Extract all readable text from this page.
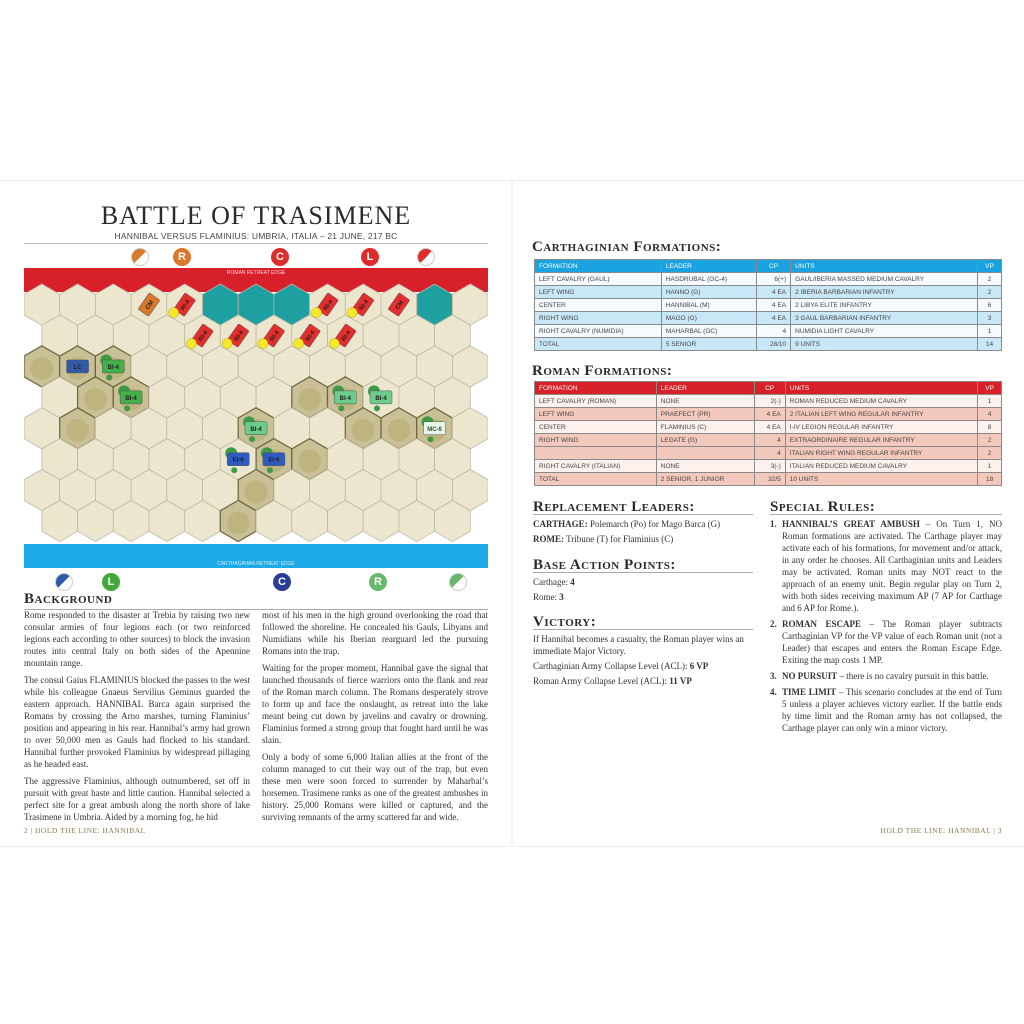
BATTLE OF TRASIMENE
HANNIBAL VERSUS FLAMINIUS: UMBRIA, ITALIA – 21 JUNE, 217 BC
R	C	L
ROMAN RETREAT EDGE
CARTHAGINIAN RETREAT EDGE
CM	RI-4
RI-4	RI-4	RI-4	RI-4	RI-4
RI-4	RI-4	CM
LC	BI-4
BI-4	BI-4	BI-4
BI-4	MC-6
EI-6	EI-6
L	C	R
Background

Rome responded to the disaster at Trebia by raising two new consular armies of four legions each (or two reinforced legions each according to other sources) to block the invasion routes into central Italy on both sides of the Apennine mountain range.

The consul Gaius FLAMINIUS blocked the passes to the west while his colleague Gnaeus Servilius Geminus guarded the eastern approach. HANNIBAL Barca again surprised the Romans by crossing the Arno marshes, turning Flaminius’ position and appearing in his rear. Hannibal’s army had grown to over 50,000 men as Gauls had flocked to his standard. Hannibal further provoked Flaminius by widespread pillaging as he headed east.

The aggressive Flaminius, although outnumbered, set off in pursuit with great haste and little caution. Hannibal selected a perfect site for a great ambush along the north shore of lake Trasimene in Umbria. Aided by a morning fog, he hid

most of his men in the high ground overlooking the road that followed the shoreline. He concealed his Gauls, Libyans and Numidians while his Iberian rearguard led the pursuing Romans into the trap.

Waiting for the proper moment, Hannibal gave the signal that launched thousands of fierce warriors onto the flank and rear of the Roman march column. The Romans desperately strove to form up and face the onslaught, as retreat into the lake meant being cut down by javelins and cavalry or drowning. Flaminius formed a strong group that fought hard until he was slain.

Only a body of some 6,000 Italian allies at the front of the column managed to cut their way out of the trap, but even these men were soon forced to surrender by Maharbal’s horsemen. Trasimene ranks as one of the greatest ambushes in history. 25,000 Romans were killed or captured, and the surviving remnants of the army scattered far and wide.

2 | HOLD THE LINE: HANNIBAL
Carthaginian Formations:
FORMATION	LEADER	CP	UNITS	VP
LEFT CAVALRY (GAUL)	HASDRUBAL (GC-4)	6(+)	GAUL/IBERIA MASSED MEDIUM CAVALRY	2
LEFT WING	HANNO (G)	4 EA	2 IBERIA BARBARIAN INFANTRY	2
CENTER	HANNIBAL (M)	4 EA	2 LIBYA ELITE INFANTRY	6
RIGHT WING	MAGO (G)	4 EA	3 GAUL BARBARIAN INFANTRY	3
RIGHT CAVALRY (NUMIDIA)	MAHARBAL (GC)	4	NUMIDIA LIGHT CAVALRY	1
TOTAL	5 SENIOR	28/10	9 UNITS	14
Roman Formations:
FORMATION	LEADER	CP	UNITS	VP
LEFT CAVALRY (ROMAN)	NONE	2(-)	ROMAN REDUCED MEDIUM CAVALRY	1
LEFT WING	PRAEFECT (PR)	4 EA	2 ITALIAN LEFT WING REGULAR INFANTRY	4
CENTER	FLAMINIUS (C)	4 EA	I-IV LEGION REGULAR INFANTRY	8
RIGHT WING	LEGATE (G)	4	EXTRAORDINAIRE REGULAR INFANTRY	2
		4	ITALIAN RIGHT WING REGULAR INFANTRY	2
RIGHT CAVALRY (ITALIAN)	NONE	3(-)	ITALIAN REDUCED MEDIUM CAVALRY	1
TOTAL	2 SENIOR, 1 JUNIOR	32/5	10 UNITS	18
Replacement Leaders:

CARTHAGE: Polemarch (Po) for Mago Barca (G)

ROME: Tribune (T) for Flaminius (C)

Base Action Points:

Carthage: 4

Rome: 3

Victory:

If Hannibal becomes a casualty, the Roman player wins an immediate Major Victory.

Carthaginian Army Collapse Level (ACL): 6 VP

Roman Army Collapse Level (ACL): 11 VP

Special Rules:
1. HANNIBAL’S GREAT AMBUSH – On Turn 1, NO Roman formations are activated. The Carthage player may activate each of his formations, for movement and/or attack, in any order he chooses. All Carthaginian units and Leaders may be activated. Roman units may NOT react to the approach of an enemy unit. Begin regular play on Turn 2, with both sides receiving maximum AP (7 AP for Carthage and 6 AP for Rome.).
2. ROMAN ESCAPE – The Roman player subtracts Carthaginian VP for the VP value of each Roman unit (not a Leader) that escapes and enters the Roman Escape Edge. Exiting the map costs 1 MP.
3. NO PURSUIT – there is no cavalry pursuit in this battle.
4. TIME LIMIT – This scenario concludes at the end of Turn 5 unless a player achieves victory earlier. If the battle ends by time limit and the Roman army has not collapsed, the Carthage player can only win a minor victory.
HOLD THE LINE: HANNIBAL | 3
